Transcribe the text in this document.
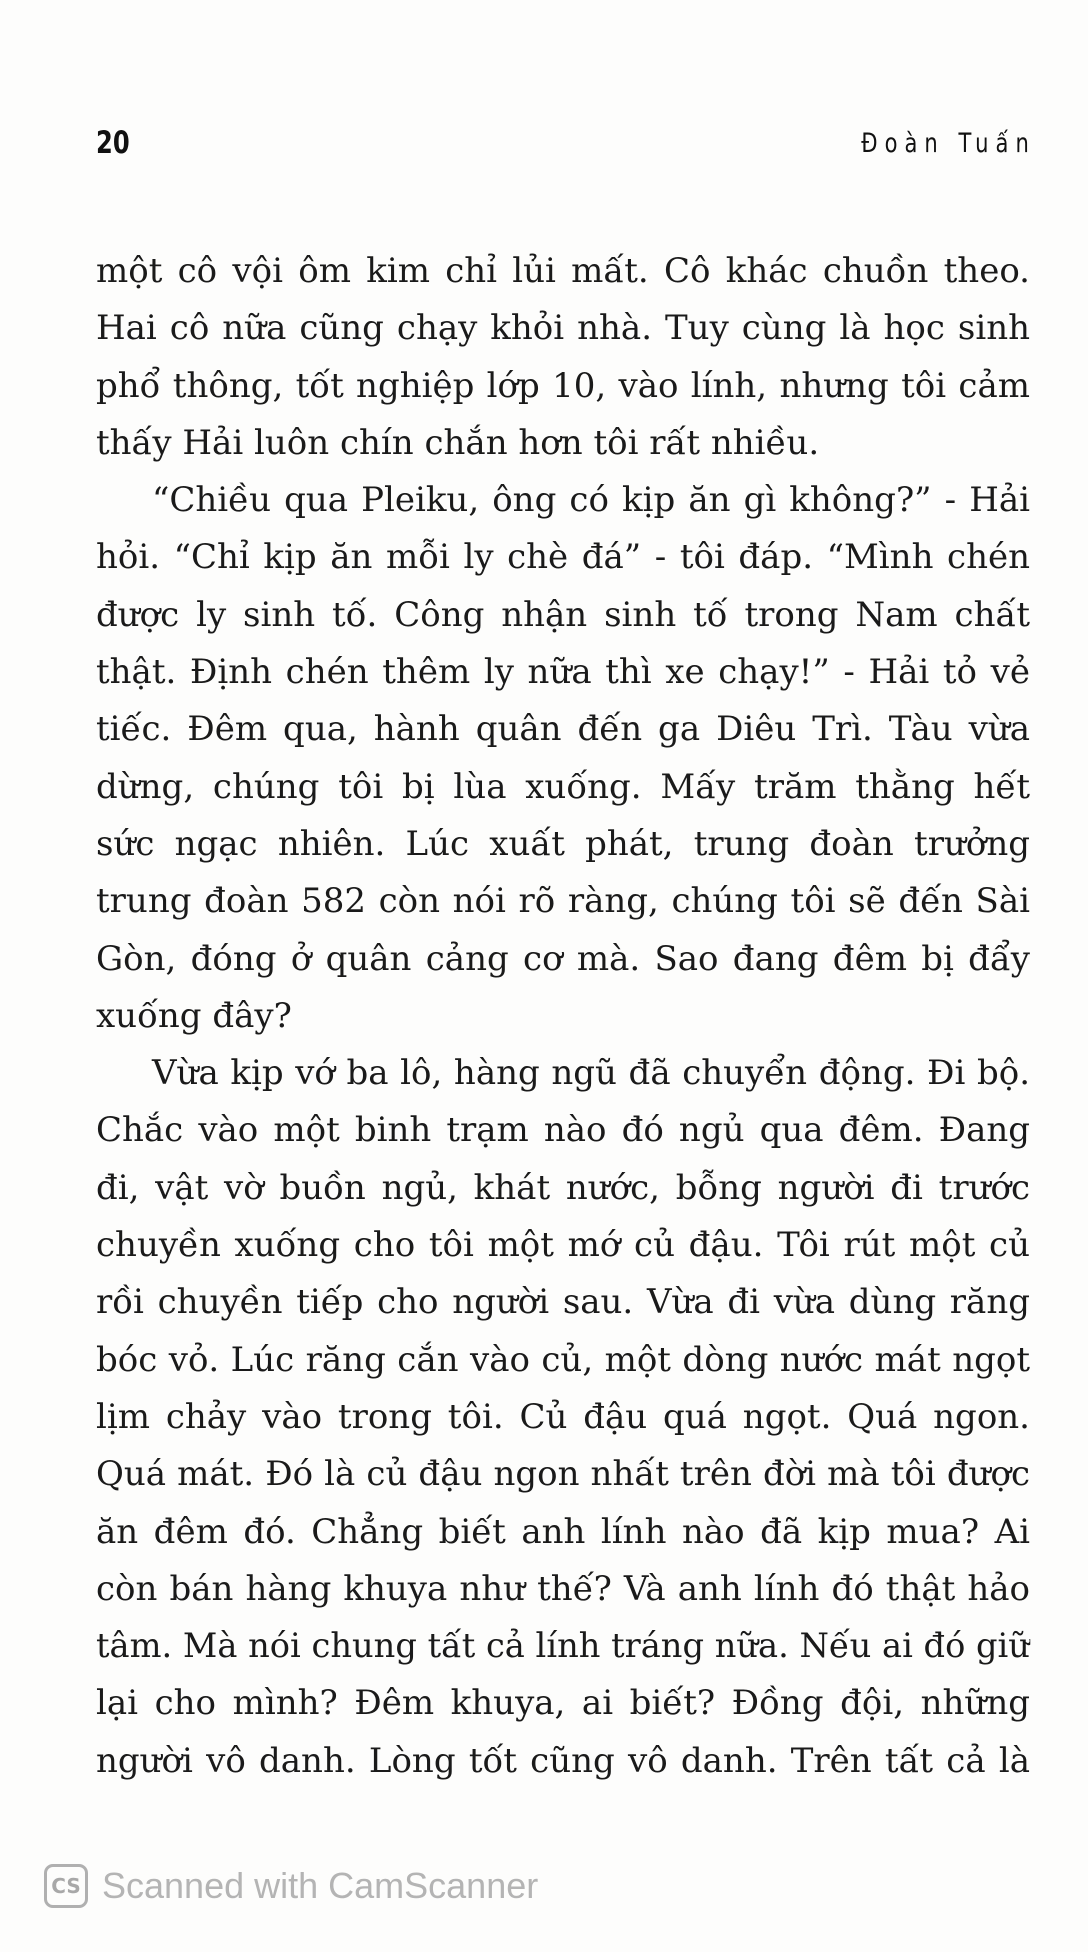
20	Đoàn Tuấn
một cô vội ôm kim chỉ lủi mất. Cô khác chuồn theo.
Hai cô nữa cũng chạy khỏi nhà. Tuy cùng là học sinh
phổ thông, tốt nghiệp lớp 10, vào lính, nhưng tôi cảm
thấy Hải luôn chín chắn hơn tôi rất nhiều.
“Chiều qua Pleiku, ông có kịp ăn gì không?” - Hải
hỏi. “Chỉ kịp ăn mỗi ly chè đá” - tôi đáp. “Mình chén
được ly sinh tố. Công nhận sinh tố trong Nam chất
thật. Định chén thêm ly nữa thì xe chạy!” - Hải tỏ vẻ
tiếc. Đêm qua, hành quân đến ga Diêu Trì. Tàu vừa
dừng, chúng tôi bị lùa xuống. Mấy trăm thằng hết
sức ngạc nhiên. Lúc xuất phát, trung đoàn trưởng
trung đoàn 582 còn nói rõ ràng, chúng tôi sẽ đến Sài
Gòn, đóng ở quân cảng cơ mà. Sao đang đêm bị đẩy
xuống đây?
Vừa kịp vớ ba lô, hàng ngũ đã chuyển động. Đi bộ.
Chắc vào một binh trạm nào đó ngủ qua đêm. Đang
đi, vật vờ buồn ngủ, khát nước, bỗng người đi trước
chuyền xuống cho tôi một mớ củ đậu. Tôi rút một củ
rồi chuyền tiếp cho người sau. Vừa đi vừa dùng răng
bóc vỏ. Lúc răng cắn vào củ, một dòng nước mát ngọt
lịm chảy vào trong tôi. Củ đậu quá ngọt. Quá ngon.
Quá mát. Đó là củ đậu ngon nhất trên đời mà tôi được
ăn đêm đó. Chẳng biết anh lính nào đã kịp mua? Ai
còn bán hàng khuya như thế? Và anh lính đó thật hảo
tâm. Mà nói chung tất cả lính tráng nữa. Nếu ai đó giữ
lại cho mình? Đêm khuya, ai biết? Đồng đội, những
người vô danh. Lòng tốt cũng vô danh. Trên tất cả là
CS Scanned with CamScanner
